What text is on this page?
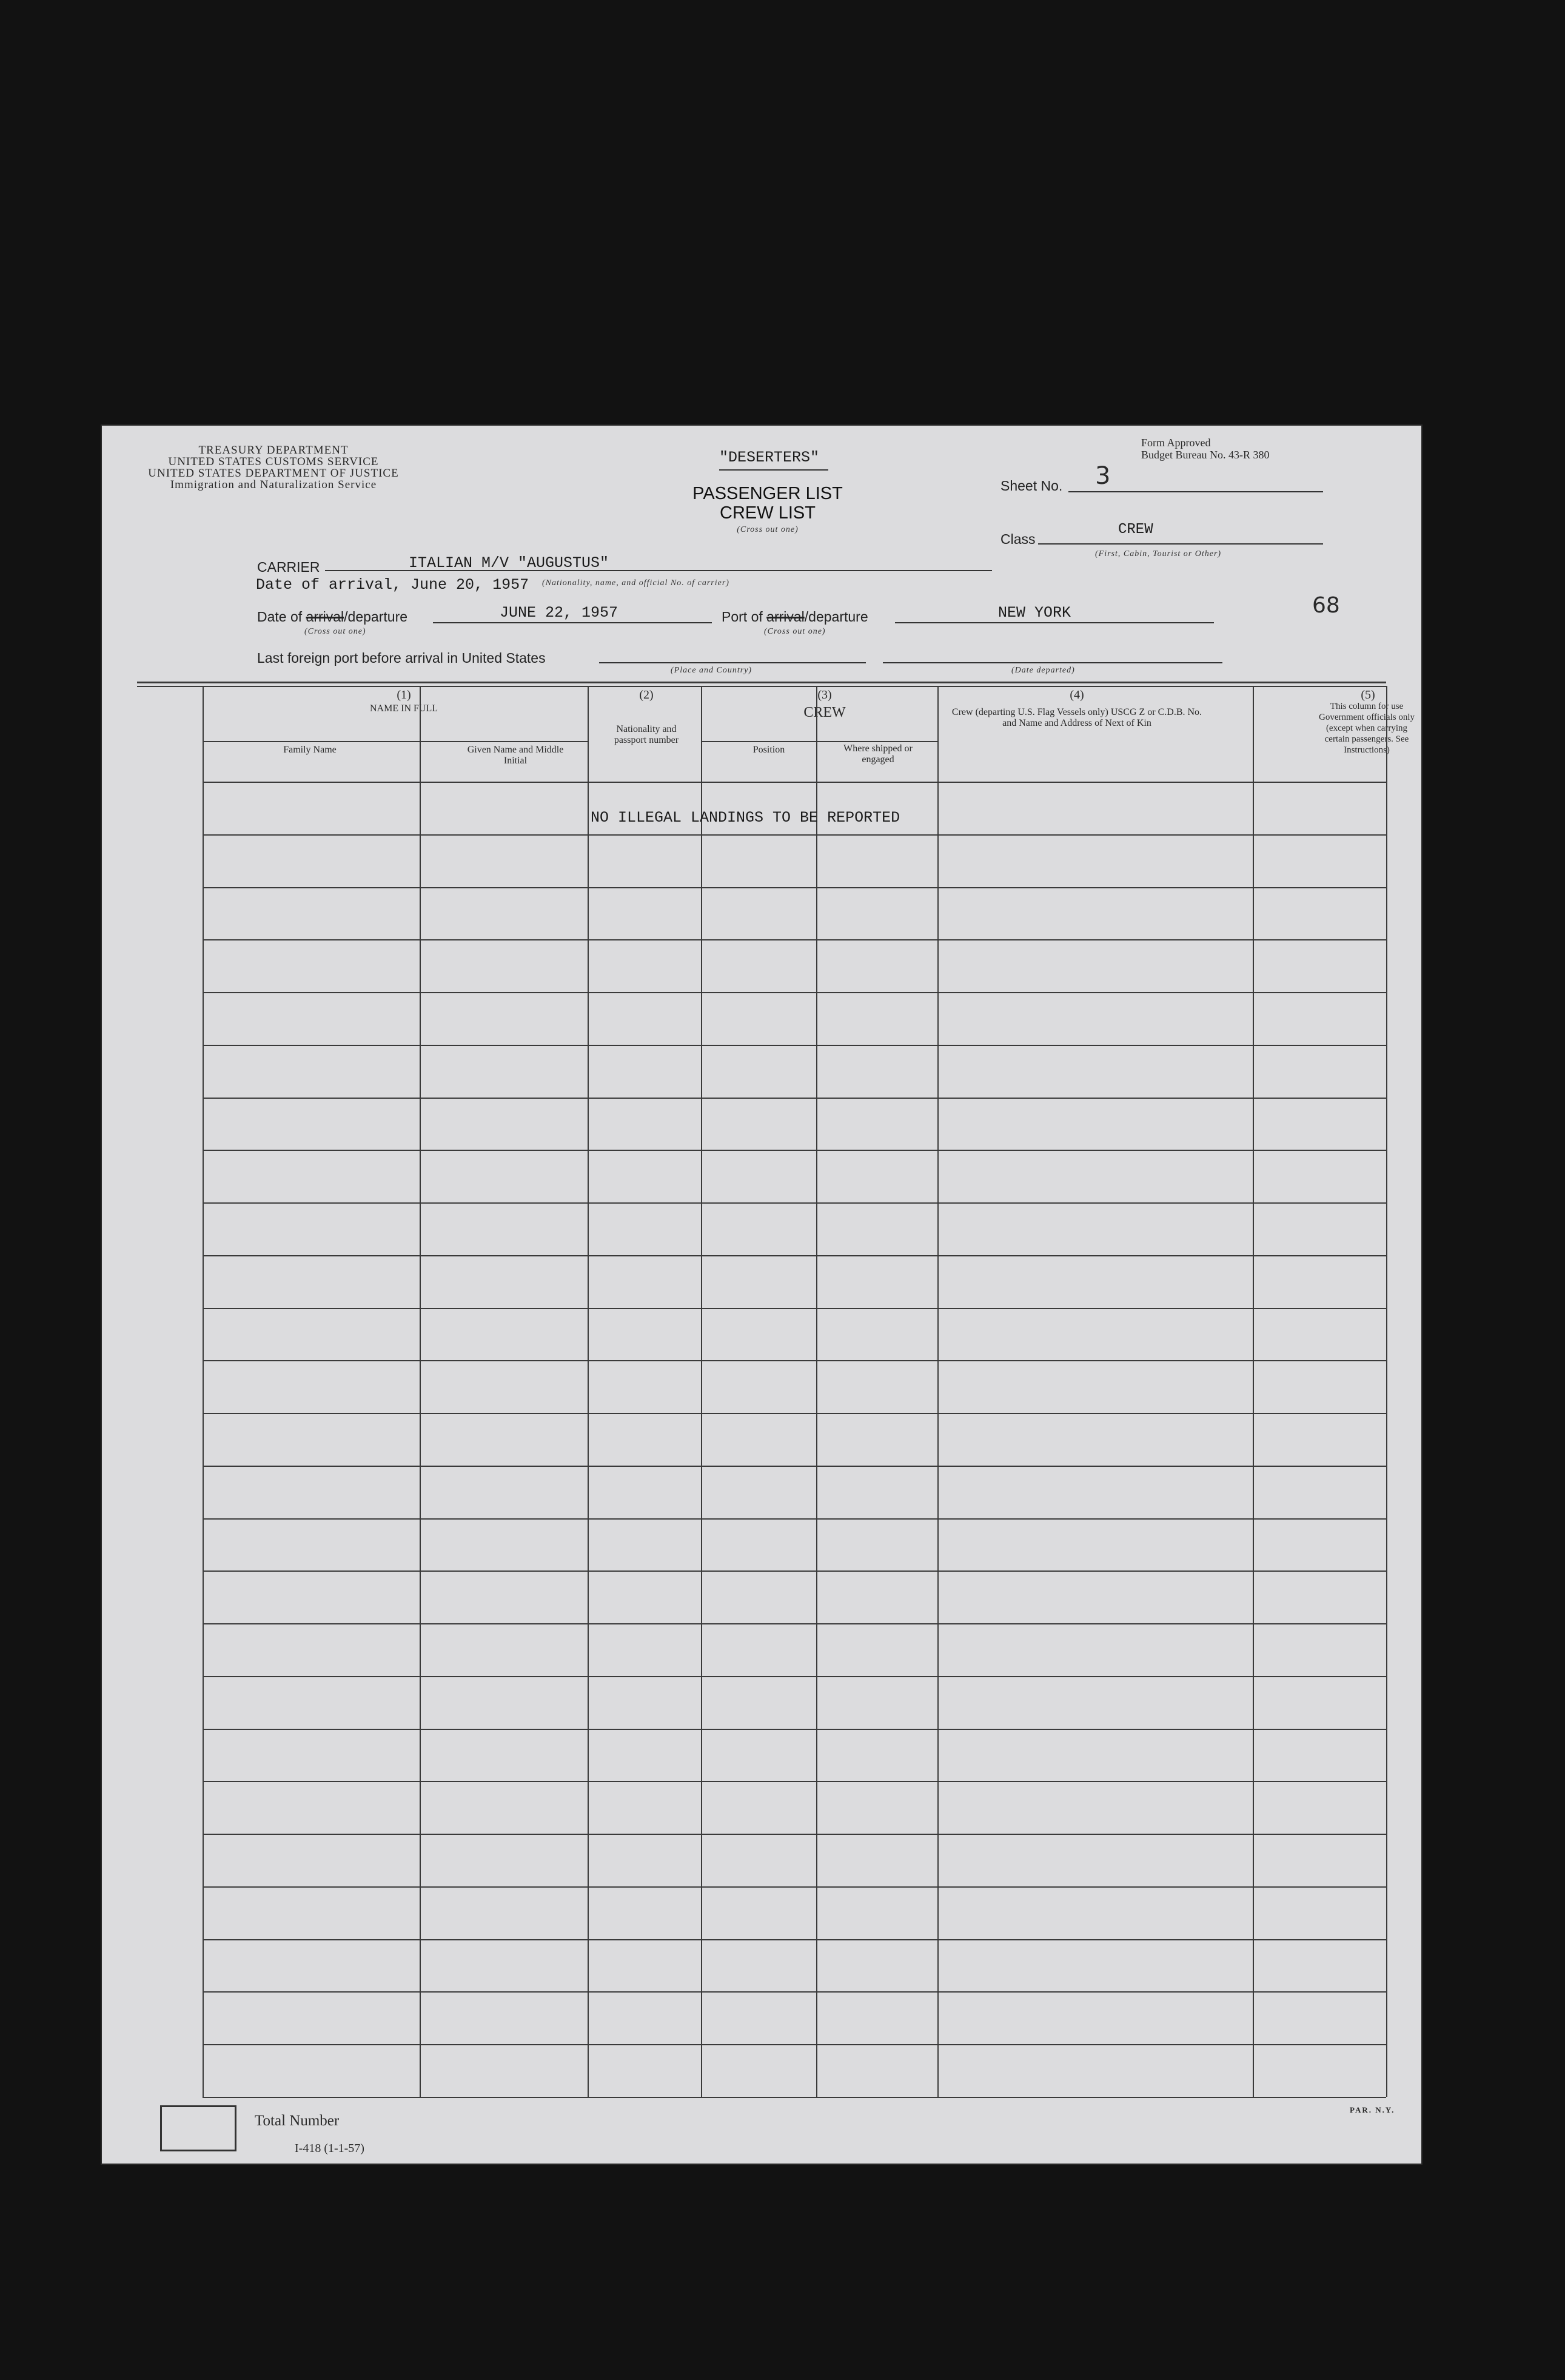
TREASURY DEPARTMENT
UNITED STATES CUSTOMS SERVICE
UNITED STATES DEPARTMENT OF JUSTICE
Immigration and Naturalization Service
"DESERTERS"
PASSENGER LIST
CREW LIST
(Cross out one)
Form Approved
Budget Bureau No. 43-R 380
Sheet No. 3
Class
CREW
(First, Cabin, Tourist or Other)
CARRIER	ITALIAN M/V "AUGUSTUS"
Date of arrival, June 20, 1957 (Nationality, name, and official No. of carrier)
68
Date of arrival/departure	JUNE 22, 1957
(Cross out one)
Port of arrival/departure	NEW YORK
(Cross out one)
Last foreign port before arrival in United States
(Place and Country)	(Date departed)
(1)
NAME IN FULL
Family Name	Given Name and Middle Initial
(2)
Nationality and passport number
(3)
CREW
Position	Where shipped or engaged
(4)
Crew (departing U.S. Flag Vessels only) USCG Z or C.D.B. No. and Name and Address of Next of Kin
(5)
This column for use Government officials only (except when carrying certain passengers. See Instructions)
NO ILLEGAL LANDINGS TO BE REPORTED
Total Number
I-418 (1-1-57)
PAR. N.Y.
